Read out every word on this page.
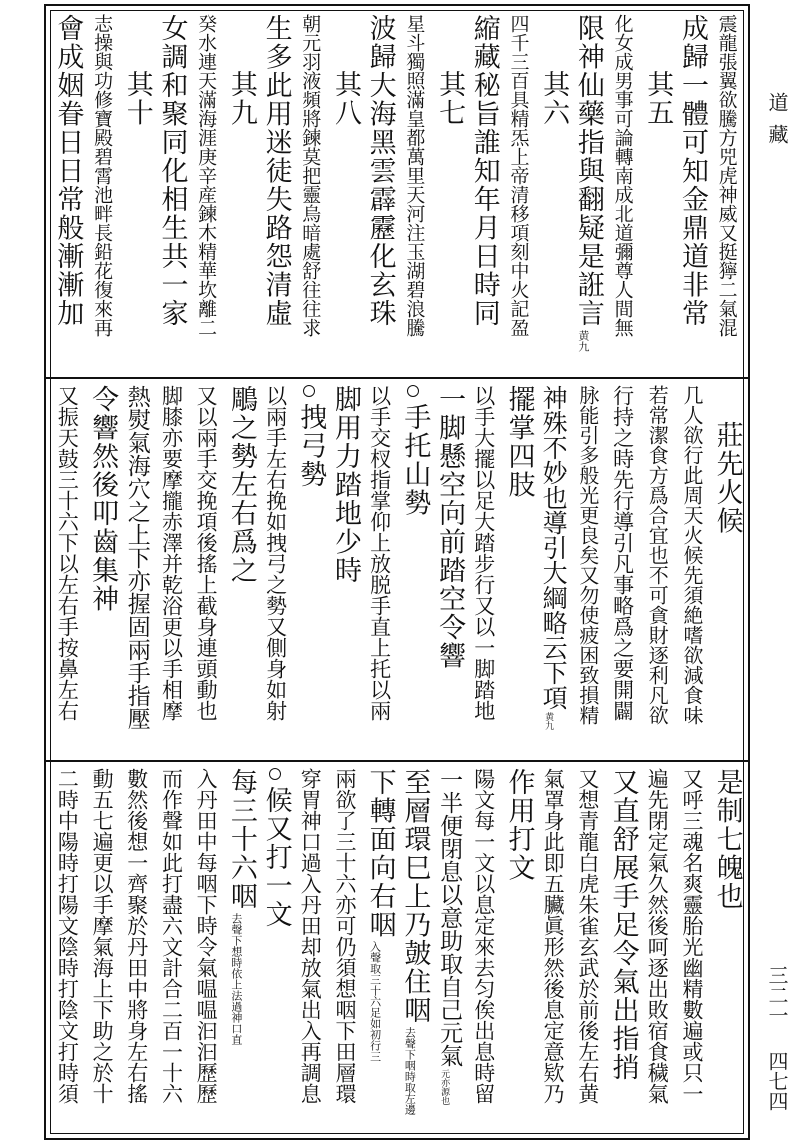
道藏
三二一
四七四
震龍張翼欲騰方兕虎神威又挺獰二氣混
成歸一體可知金鼎道非常
其五
化女成男事可論轉南成北道彌尊人間無
限神仙藥指與翻疑是誑言
黄九
其六
四千三百具精炁上帝清移項刻中火記盈
縮藏秘旨誰知年月日時同
其七
星斗獨照滿皇都萬里天河注玉湖碧浪騰
波歸大海黑雲霹靂化玄珠
其八
朝元羽液頻將鍊莫把靈烏暗處舒往往求
生多此用迷徒失路怨清虛
其九
癸水連天滿海涯庚辛産鍊木精華坎離二
女調和聚同化相生共一家
其十
志操與功修寶殿碧霄池畔長鉛花復來再
會成姻眷日日常般漸漸加
莊先火候
几人欲行此周天火候先須絶嗜欲減食味
若常潔食方爲合宜也不可貪財逐利凡欲
行持之時先行導引凡事略爲之要開闢
脉能引多般光更良矣又勿使疲困致損精
神殊不妙也導引大綱略云下項
黄九
擺掌四肢
以手大擺以足大踏步行又以一脚踏地
一脚懸空向前踏空令響
手托山勢
以手交杈指掌仰上放脱手直上托以兩
脚用力踏地少時
拽弓勢
以兩手左右挽如拽弓之勢又側身如射
鵰之勢左右爲之
又以兩手交挽項後搖上截身連頭動也
脚膝亦要摩攏赤澤并乾浴更以手相摩
熱熨氣海穴之上下亦握固兩手指壓
令響然後叩齒集神
又振天鼓三十六下以左右手按鼻左右
是制七魄也
又呼三魂名爽靈胎光幽精數遍或只一
遍先閉定氣久然後呵逐出敗宿食穢氣
又直舒展手足令氣出指捎
又想青龍白虎朱雀玄武於前後左右黄
氣罩身此即五臟眞形然後息定意欵乃
作用打文
陽文每一文以息定來去匀俟出息時留
一半便閉息以意助取自己元氣
元亦源也
至層環巳上乃皷住咽
去聲下咽時取左邊
下轉面向右咽
入聲取三十六足如初行三
兩欲了三十六亦可仍須想咽下田層環
穿胃神口過入丹田却放氣出入再調息
候又打一文
每三十六咽
去聲下想時依上法過神口直
入丹田中每咽下時令氣嗢嗢汩汩歷歷
而作聲如此打盡六文計合二百一十六
數然後想一齊聚於丹田中將身左右搖
動五七遍更以手摩氣海上下助之於十
二時中陽時打陽文陰時打陰文打時須
